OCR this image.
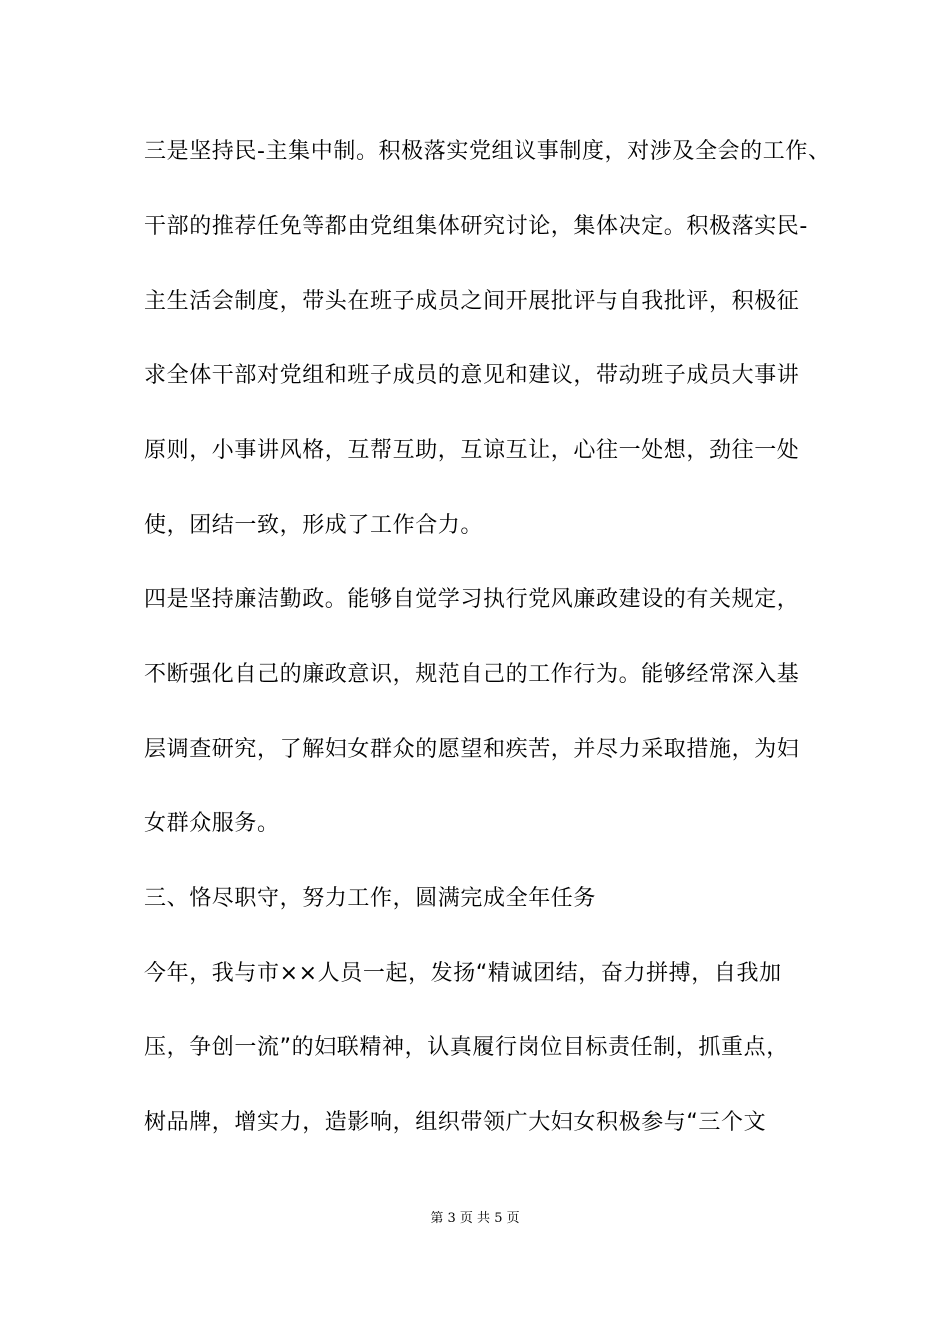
三是坚持民-主集中制。积极落实党组议事制度，对涉及全会的工作、
干部的推荐任免等都由党组集体研究讨论，集体决定。积极落实民-
主生活会制度，带头在班子成员之间开展批评与自我批评，积极征
求全体干部对党组和班子成员的意见和建议，带动班子成员大事讲
原则，小事讲风格，互帮互助，互谅互让，心往一处想，劲往一处
使，团结一致，形成了工作合力。
四是坚持廉洁勤政。能够自觉学习执行党风廉政建设的有关规定，
不断强化自己的廉政意识，规范自己的工作行为。能够经常深入基
层调查研究，了解妇女群众的愿望和疾苦，并尽力采取措施，为妇
女群众服务。
三、恪尽职守，努力工作，圆满完成全年任务
今年，我与市××人员一起，发扬“精诚团结，奋力拼搏，自我加
压，争创一流”的妇联精神，认真履行岗位目标责任制，抓重点，
树品牌，增实力，造影响，组织带领广大妇女积极参与“三个文
第 3 页 共 5 页
